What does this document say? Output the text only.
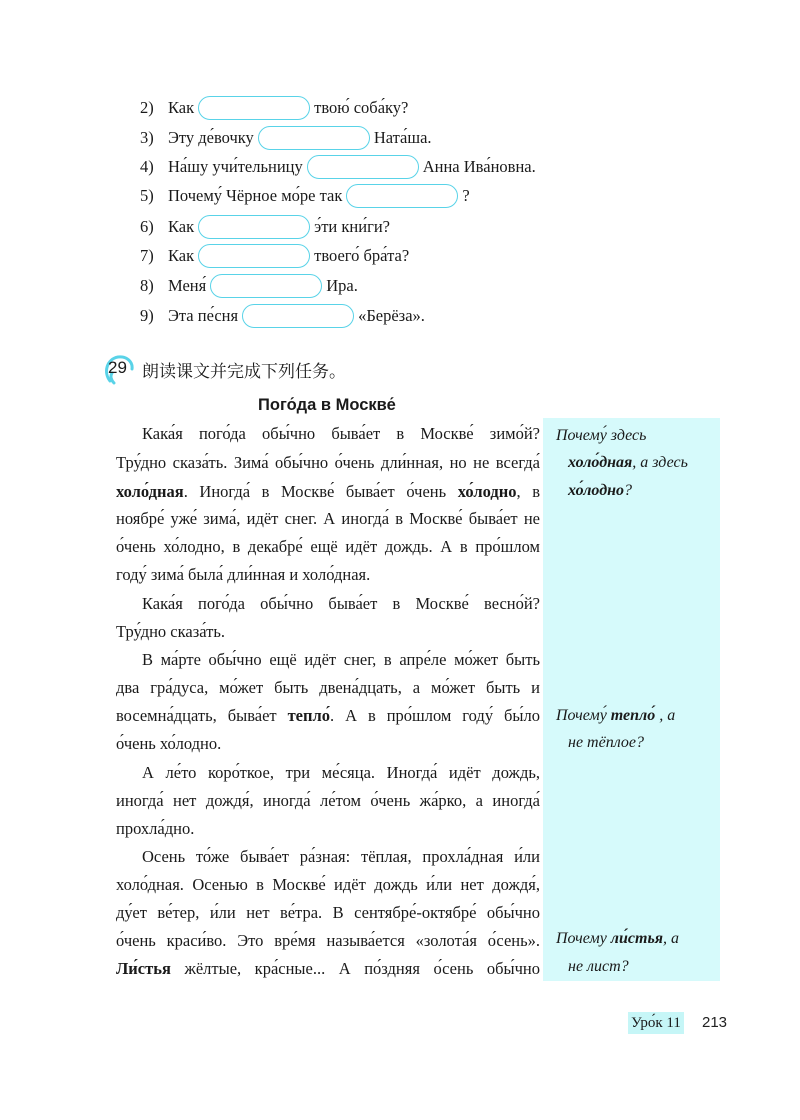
2) Как	твою́ соба́ку?
3) Эту де́вочку	Ната́ша.
4) На́шу учи́тельницу	Анна Ива́новна.
5) Почему́ Чёрное мо́ре так	?
6) Как	э́ти кни́ги?
7) Как	твоего́ бра́та?
8) Меня́	Ира.
9) Эта пе́сня	«Берёза».
29 朗读课文并完成下列任务。
Пого́да в Москве́
Кака́я пого́да обы́чно быва́ет в Москве́ зимо́й?
Тру́дно сказа́ть. Зима́ обы́чно о́чень дли́нная, но не всегда́
холо́дная. Иногда́ в Москве́ быва́ет о́чень хо́лодно, в
ноябре́ уже́ зима́, идёт снег. А иногда́ в Москве́ быва́ет не
о́чень хо́лодно, в декабре́ ещё идёт дождь. А в про́шлом
году́ зима́ была́ дли́нная и холо́дная.
Кака́я пого́да обы́чно быва́ет в Москве́ весно́й?
Тру́дно сказа́ть.
В ма́рте обы́чно ещё идёт снег, в апре́ле мо́жет быть
два гра́дуса, мо́жет быть двена́дцать, а мо́жет быть и
восемна́дцать, быва́ет тепло́. А в про́шлом году́ бы́ло
о́чень хо́лодно.
А ле́то коро́ткое, три ме́сяца. Иногда́ идёт дождь,
иногда́ нет дождя́, иногда́ ле́том о́чень жа́рко, а иногда́
прохла́дно.
Осень то́же быва́ет ра́зная: тёплая, прохла́дная и́ли
холо́дная. Осенью в Москве́ идёт дождь и́ли нет дождя́,
ду́ет ве́тер, и́ли нет ве́тра. В сентябре́-октябре́ обы́чно
о́чень краси́во. Это вре́мя называ́ется «золота́я о́сень».
Ли́стья жёлтые, кра́сные... А по́здняя о́сень обы́чно
Почему́ здесь
холо́дная, а здесь
хо́лодно?
Почему́ тепло́ , а
не тёплое?
Почему ли́стья, а
не лист?
Уро́к 11 213
